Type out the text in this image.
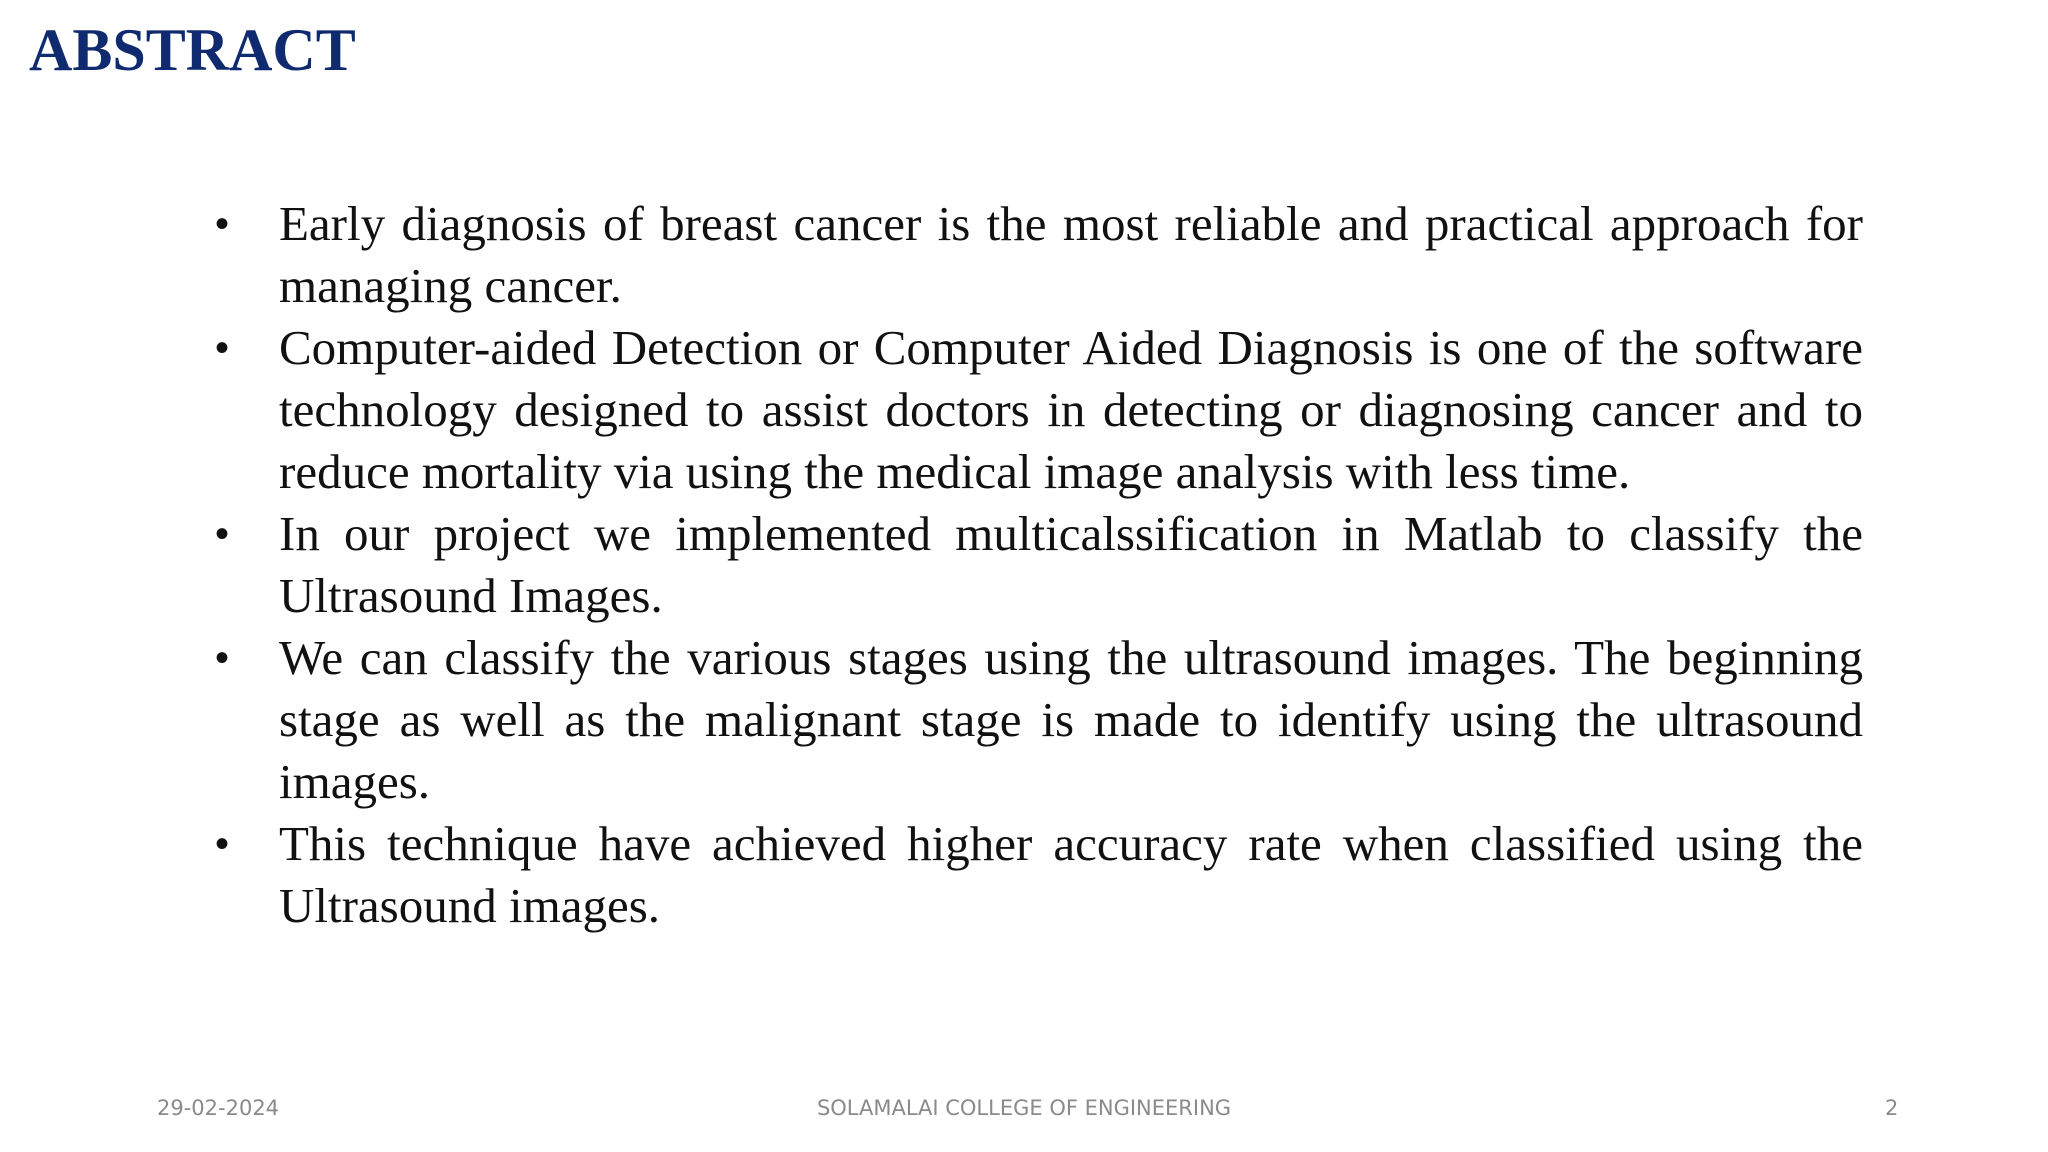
ABSTRACT
•	Early diagnosis of breast cancer is the most reliable and practical approach for managing cancer.
•	Computer-aided Detection or Computer Aided Diagnosis is one of the software technology designed to assist doctors in detecting or diagnosing cancer and to reduce mortality via using the medical image analysis with less time.
•	In our project we implemented multicalssification in Matlab to classify the Ultrasound Images.
•	We can classify the various stages using the ultrasound images. The beginning stage as well as the malignant stage is made to identify using the ultrasound images.
•	This technique have achieved higher accuracy rate when classified using the Ultrasound images.
29-02-2024	SOLAMALAI COLLEGE OF ENGINEERING	2
